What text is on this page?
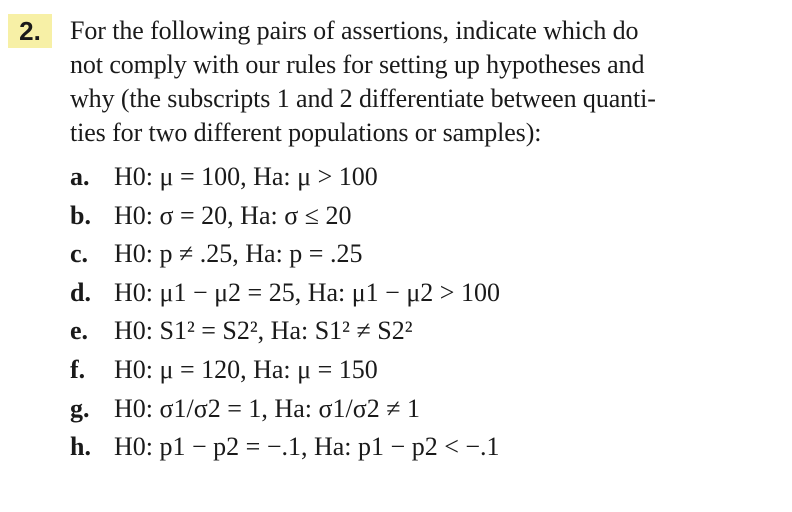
2.	For the following pairs of assertions, indicate which do
not comply with our rules for setting up hypotheses and
why (the subscripts 1 and 2 differentiate between quanti-
ties for two different populations or samples):
a. H0: μ = 100, Ha: μ > 100
b. H0: σ = 20, Ha: σ ≤ 20
c. H0: p ≠ .25, Ha: p = .25
d. H0: μ1 − μ2 = 25, Ha: μ1 − μ2 > 100
e. H0: S1² = S2², Ha: S1² ≠ S2²
f. H0: μ = 120, Ha: μ = 150
g. H0: σ1/σ2 = 1, Ha: σ1/σ2 ≠ 1
h. H0: p1 − p2 = −.1, Ha: p1 − p2 < −.1
